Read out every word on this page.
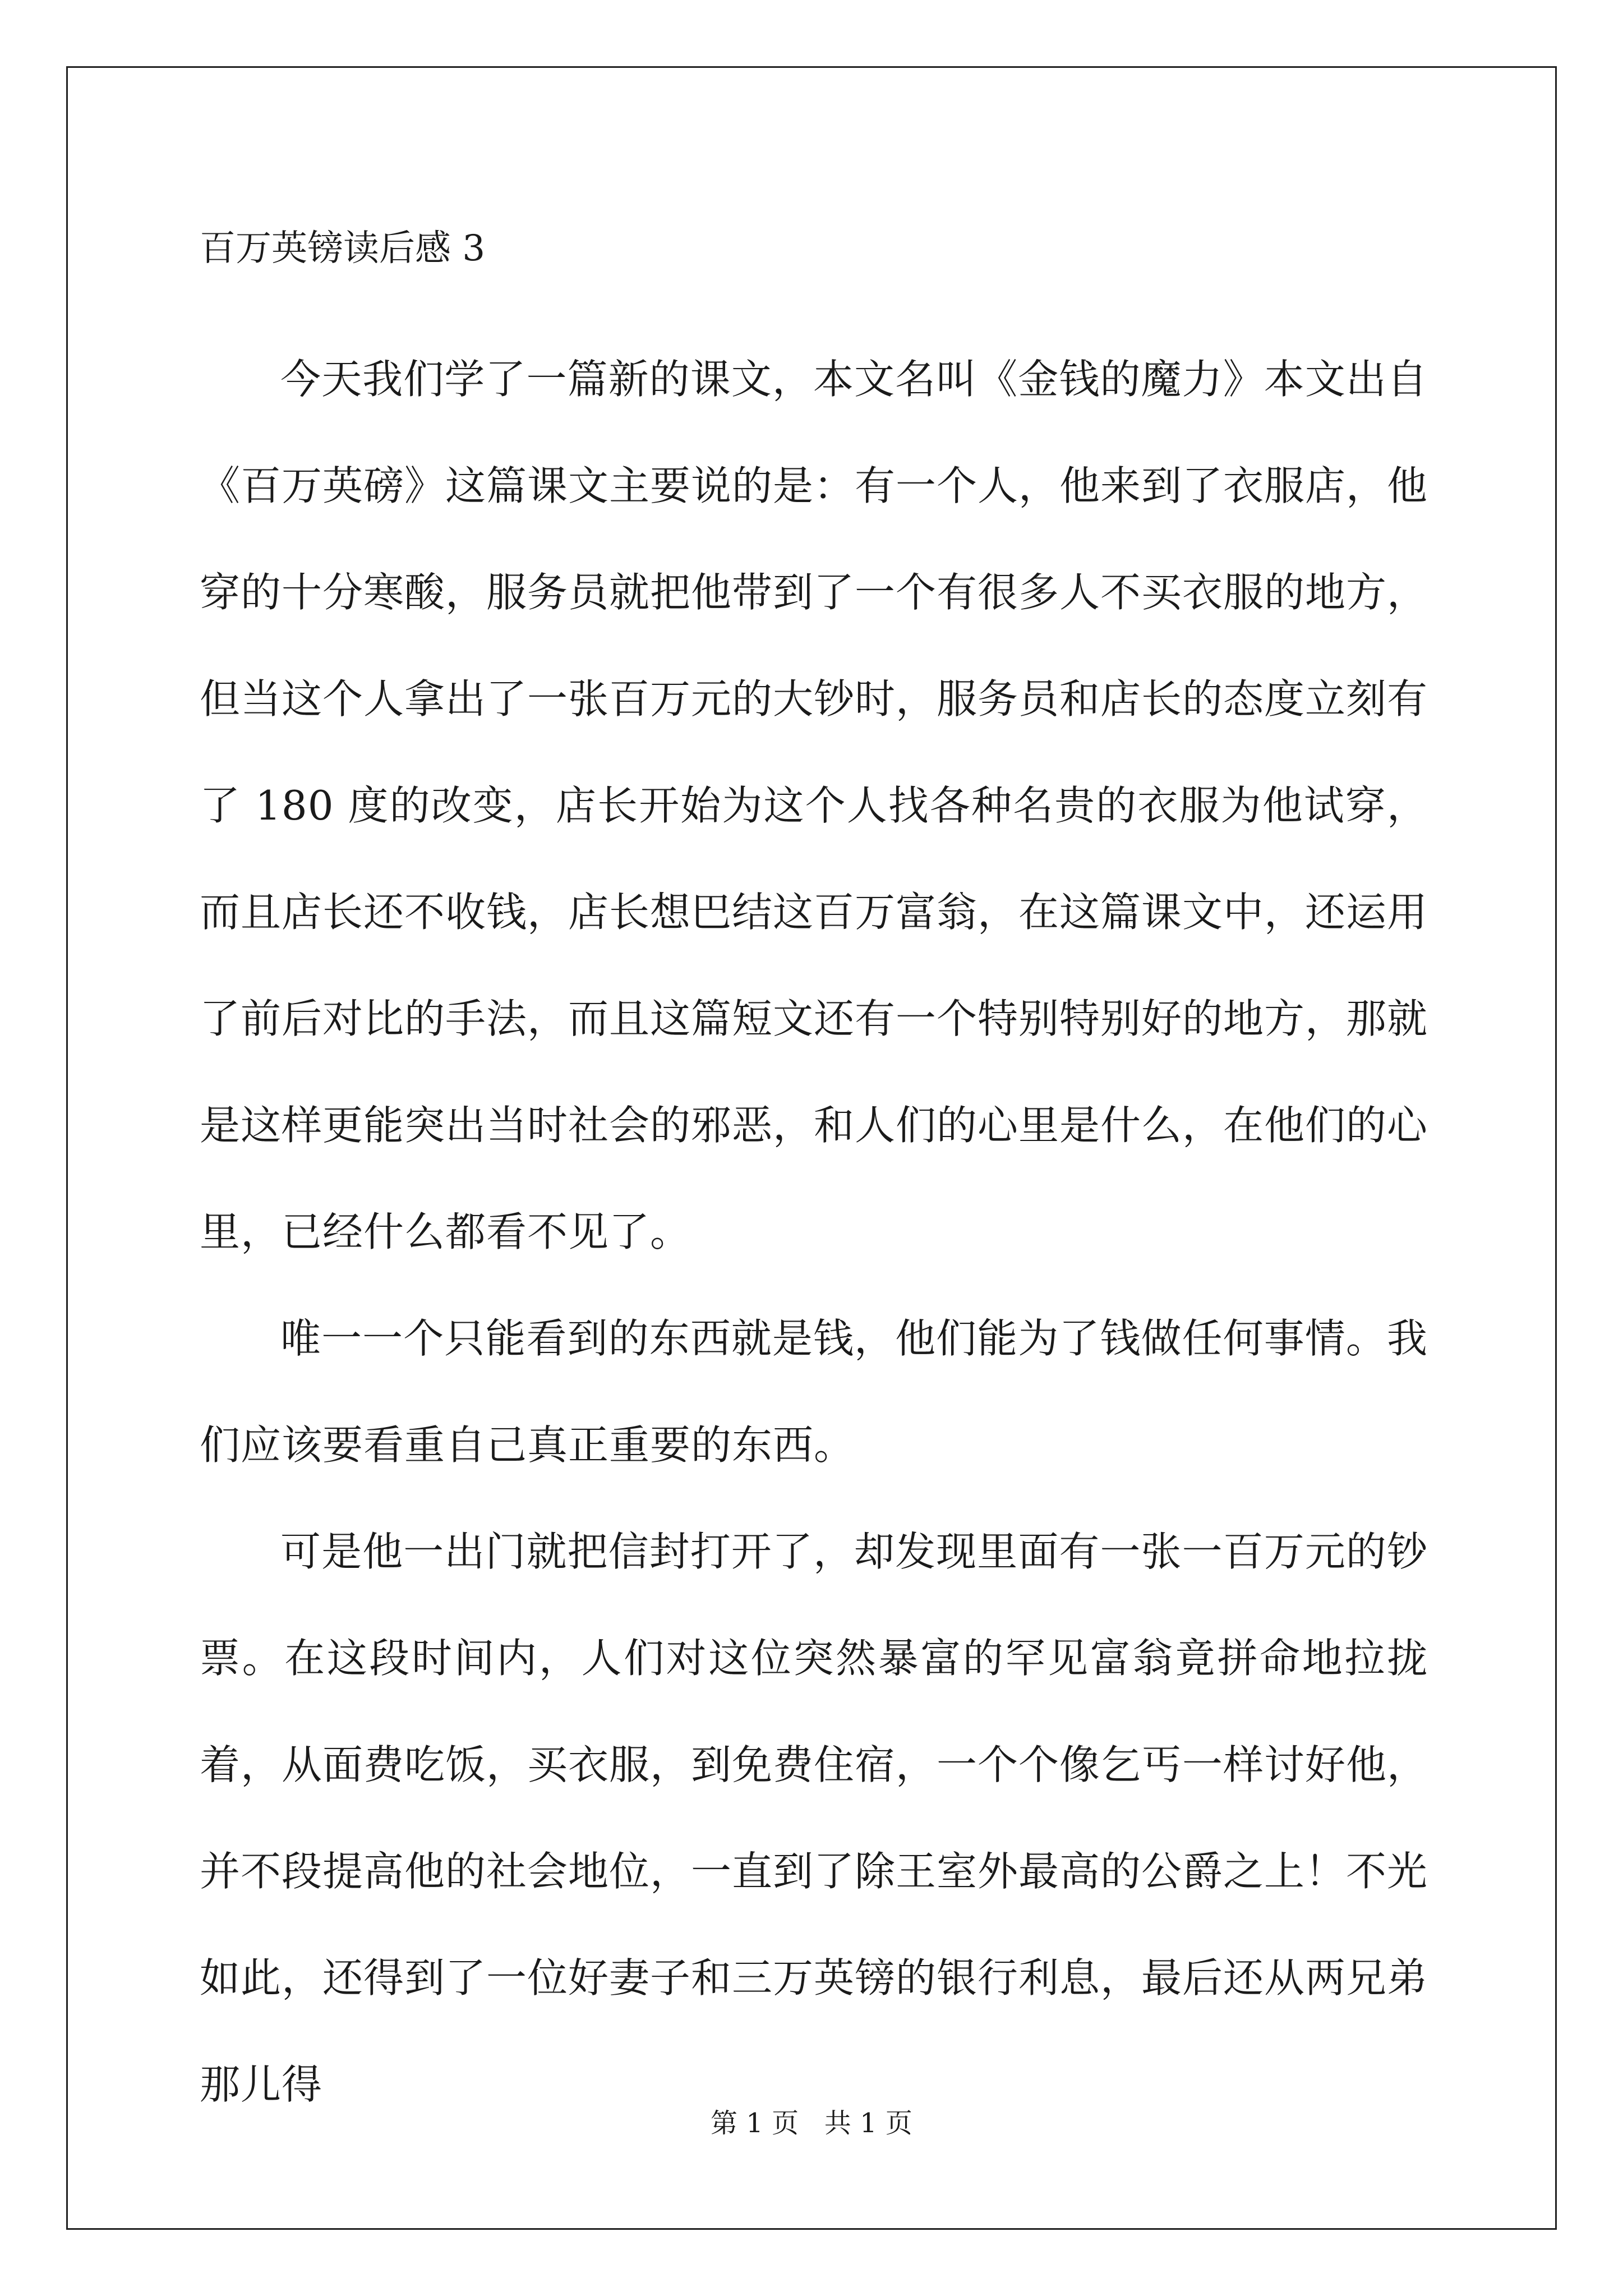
百万英镑读后感 3

今天我们学了一篇新的课文，本文名叫《金钱的魔力》本文出自《百万英磅》这篇课文主要说的是：有一个人，他来到了衣服店，他穿的十分寒酸，服务员就把他带到了一个有很多人不买衣服的地方，但当这个人拿出了一张百万元的大钞时，服务员和店长的态度立刻有了 180 度的改变，店长开始为这个人找各种名贵的衣服为他试穿，而且店长还不收钱，店长想巴结这百万富翁，在这篇课文中，还运用了前后对比的手法，而且这篇短文还有一个特别特别好的地方，那就是这样更能突出当时社会的邪恶，和人们的心里是什么，在他们的心里，已经什么都看不见了。

唯一一个只能看到的东西就是钱，他们能为了钱做任何事情。我们应该要看重自己真正重要的东西。

可是他一出门就把信封打开了，却发现里面有一张一百万元的钞票。在这段时间内，人们对这位突然暴富的罕见富翁竟拼命地拉拢着，从面费吃饭，买衣服，到免费住宿，一个个像乞丐一样讨好他，并不段提高他的社会地位，一直到了除王室外最高的公爵之上！不光如此，还得到了一位好妻子和三万英镑的银行利息，最后还从两兄弟那儿得

第 1 页   共 1 页
